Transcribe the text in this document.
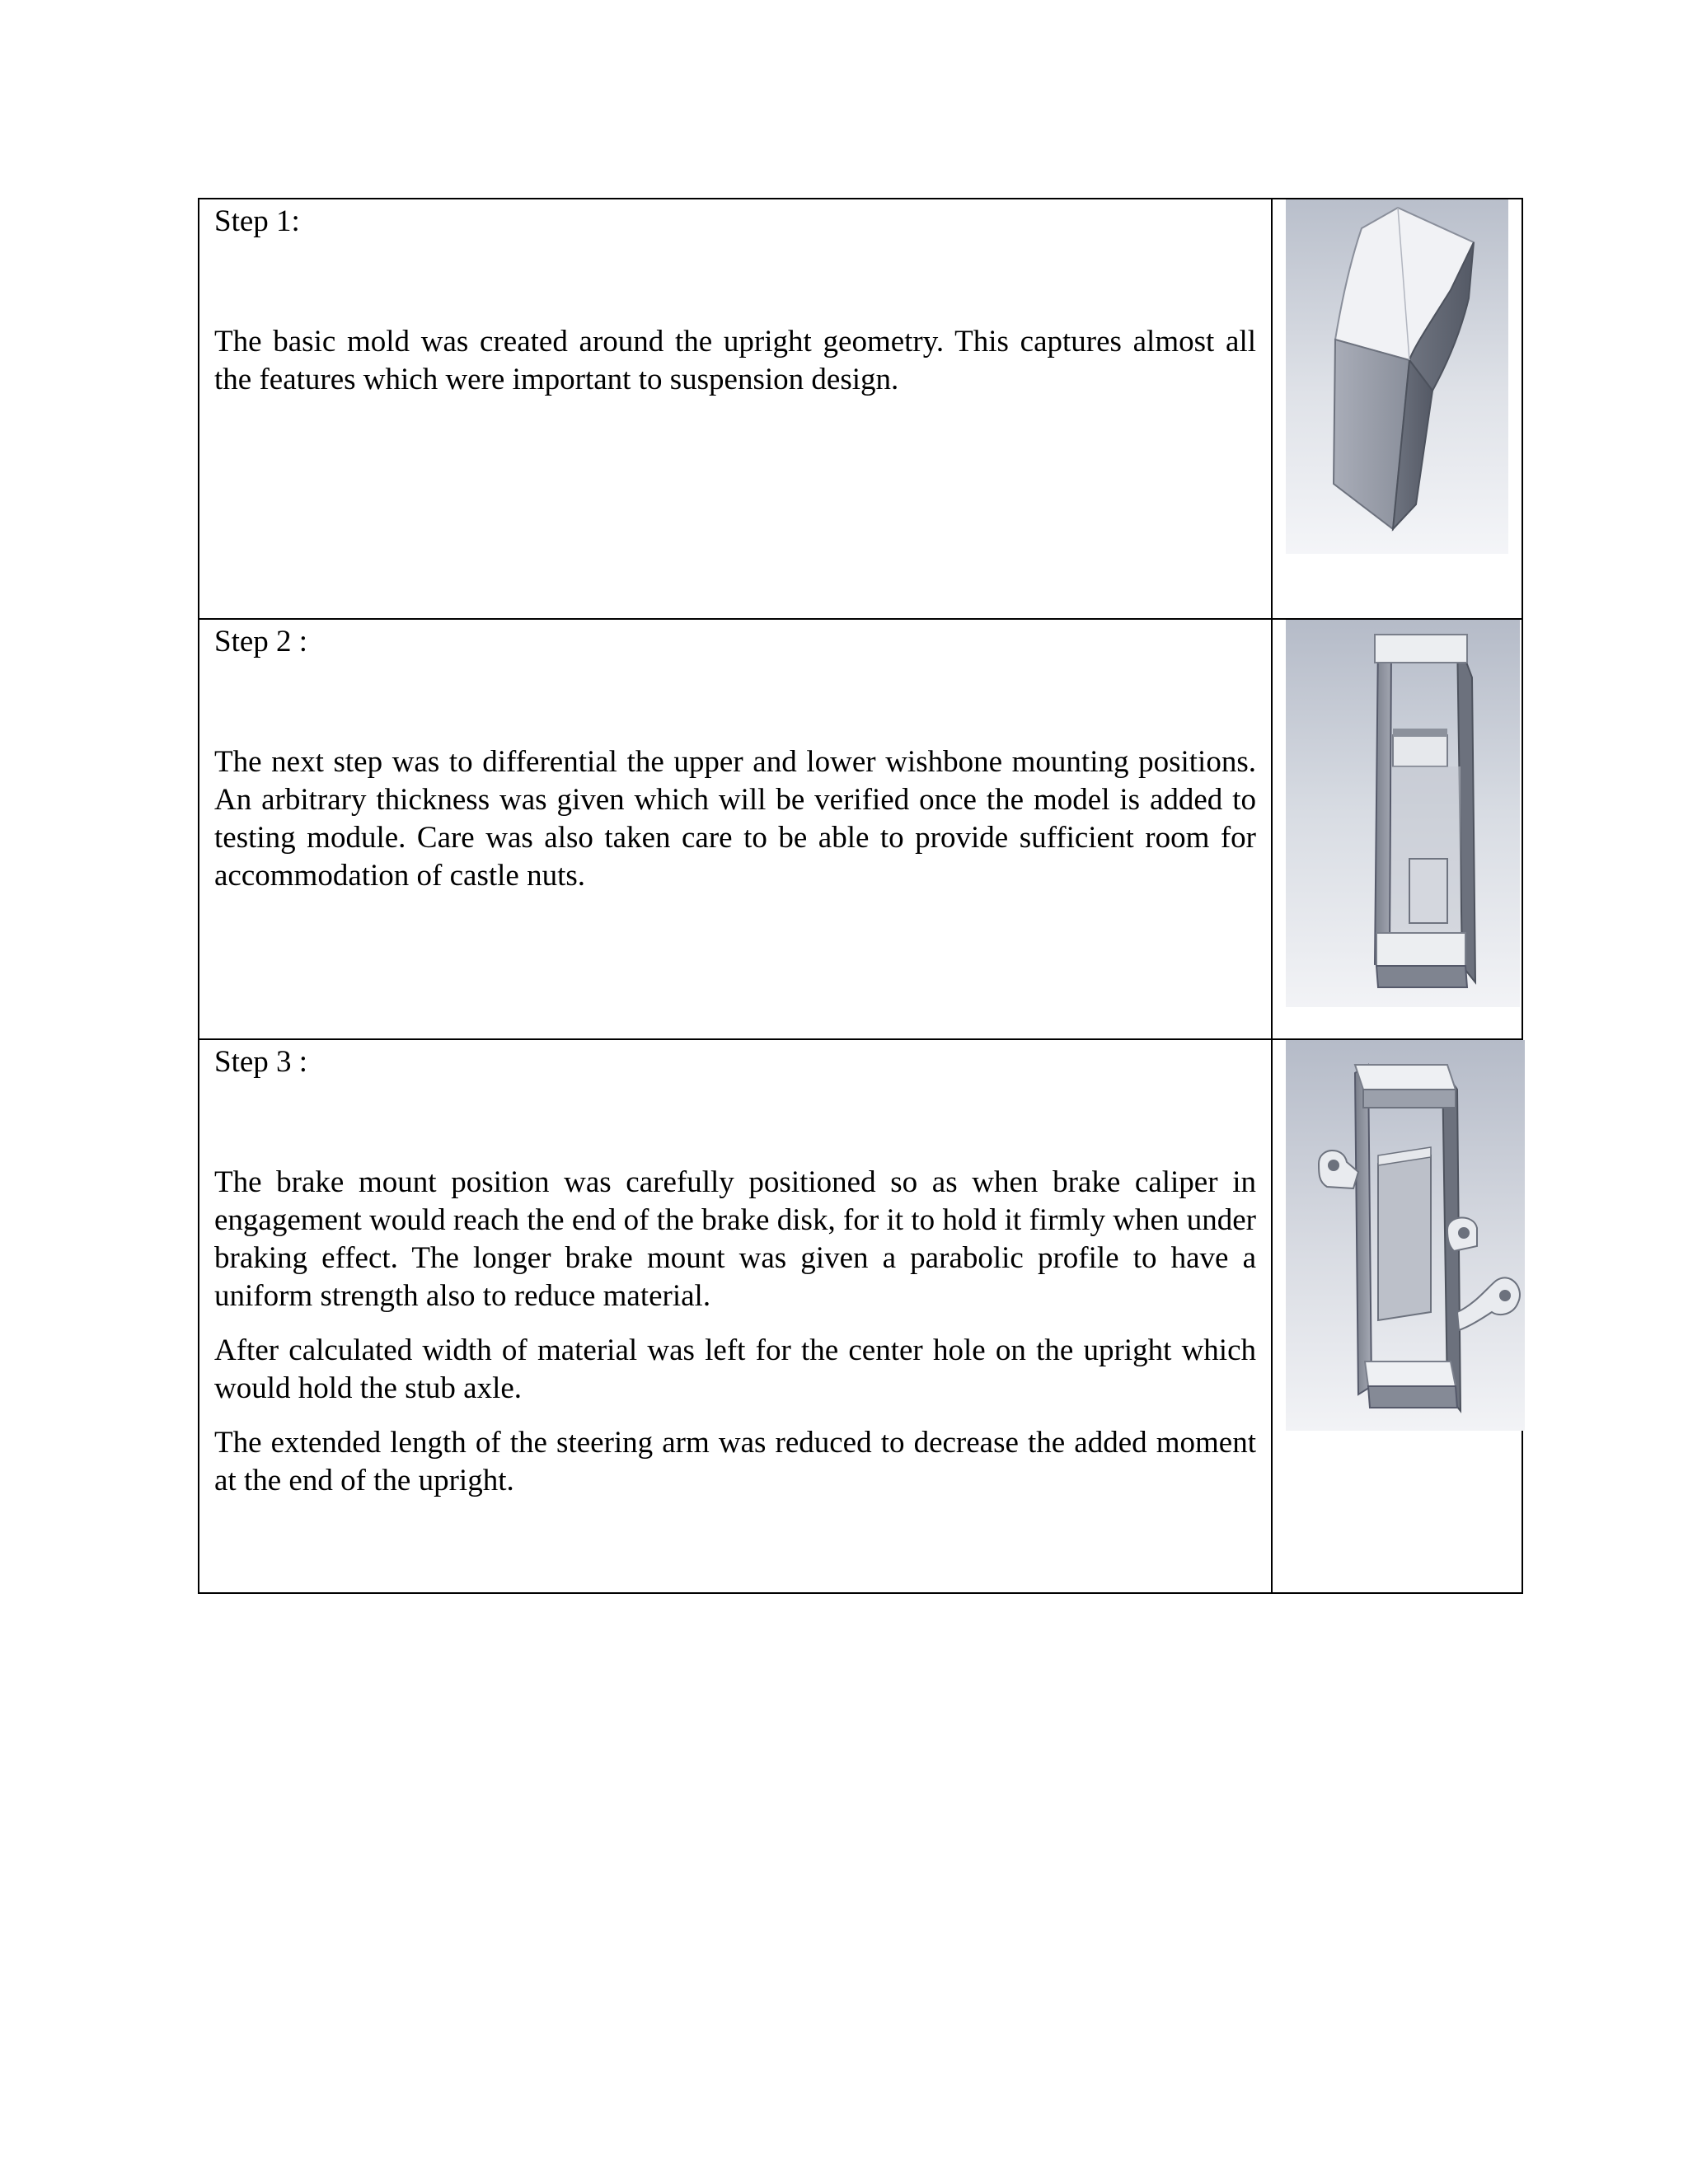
Step 1:

The basic mold was created around the upright geometry. This captures almost all the features which were important to suspension design.

Step 2 :

The next step was to differential the upper and lower wishbone mounting positions. An arbitrary thickness was given which will be verified once the model is added to testing module. Care was also taken care to be able to provide sufficient room for accommodation of castle nuts.

Step 3 :

The brake mount position was carefully positioned so as when brake caliper in engagement would reach the end of the brake disk, for it to hold it firmly when under braking effect. The longer brake mount was given a parabolic profile to have a uniform strength also to reduce material.

After calculated width of material was left for the center hole on the upright which would hold the stub axle.

The extended length of the steering arm was reduced to decrease the added moment at the end of the upright.
